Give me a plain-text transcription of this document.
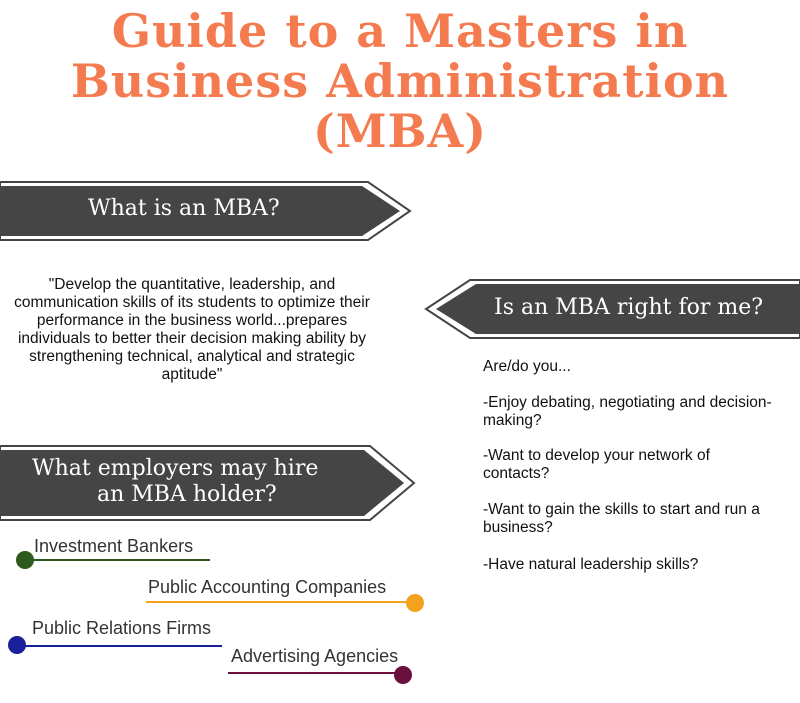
Guide to a Masters in
Business Administration
(MBA)
What is an MBA?
"Develop the quantitative, leadership, and communication skills of its students to optimize their performance in the business world...prepares individuals to better their decision making ability by strengthening technical, analytical and strategic aptitude"
Is an MBA right for me?
Are/do you...
-Enjoy debating, negotiating and decision-making?
-Want to develop your network of contacts?
-Want to gain the skills to start and run a business?
-Have natural leadership skills?
What employers may hire
an MBA holder?
Investment Bankers
Public Accounting Companies
Public Relations Firms
Advertising Agencies
